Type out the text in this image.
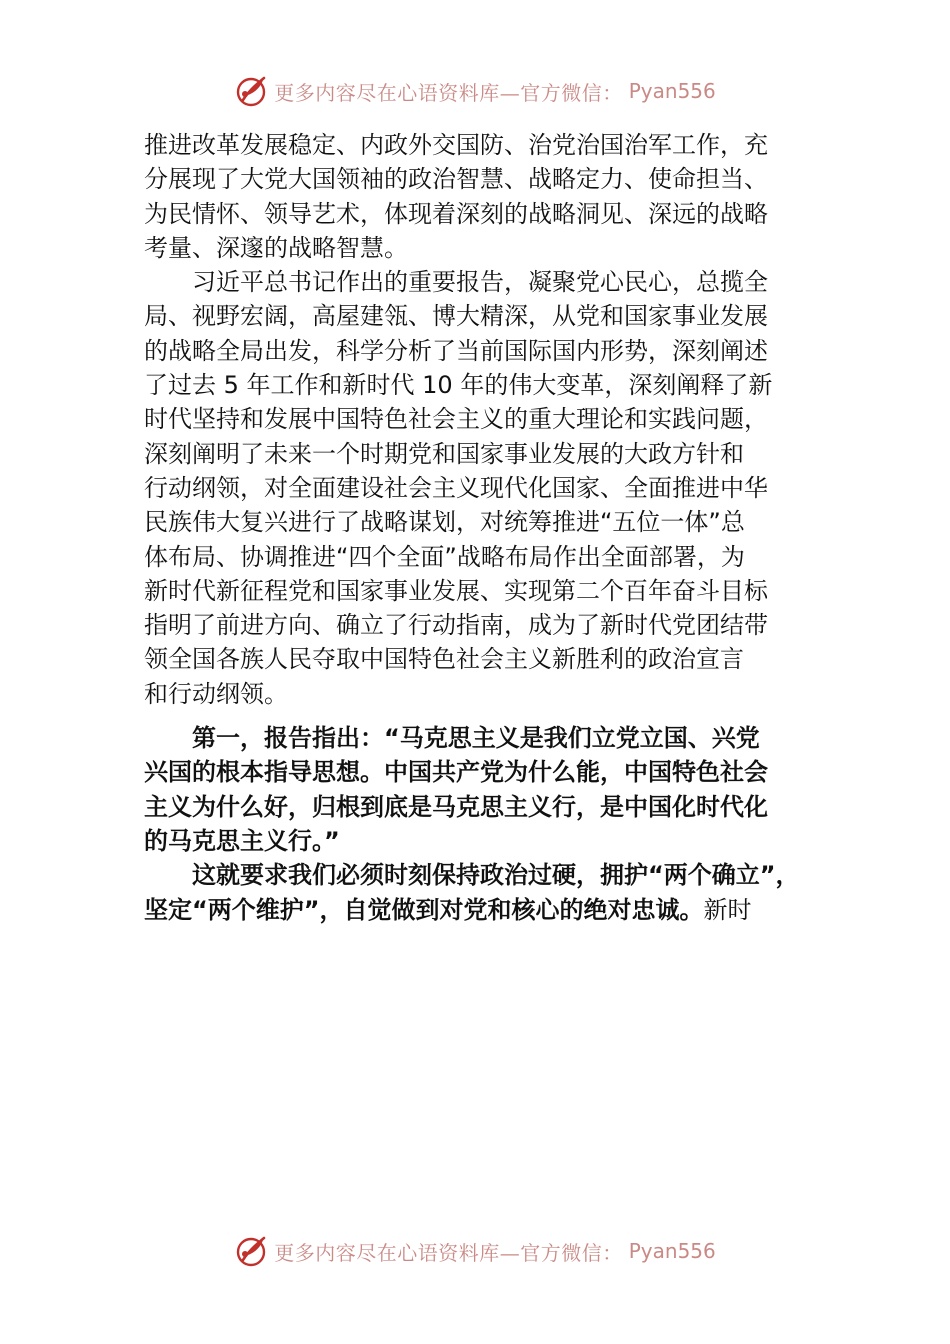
更多内容尽在心语资料库—官方微信： Pyan556
推进改革发展稳定、内政外交国防、治党治国治军工作，充
分展现了大党大国领袖的政治智慧、战略定力、使命担当、
为民情怀、领导艺术，体现着深刻的战略洞见、深远的战略
考量、深邃的战略智慧。
　　习近平总书记作出的重要报告，凝聚党心民心，总揽全
局、视野宏阔，高屋建瓴、博大精深，从党和国家事业发展
的战略全局出发，科学分析了当前国际国内形势，深刻阐述
了过去 5 年工作和新时代 10 年的伟大变革，深刻阐释了新
时代坚持和发展中国特色社会主义的重大理论和实践问题，
深刻阐明了未来一个时期党和国家事业发展的大政方针和
行动纲领，对全面建设社会主义现代化国家、全面推进中华
民族伟大复兴进行了战略谋划，对统筹推进“五位一体”总
体布局、协调推进“四个全面”战略布局作出全面部署，为
新时代新征程党和国家事业发展、实现第二个百年奋斗目标
指明了前进方向、确立了行动指南，成为了新时代党团结带
领全国各族人民夺取中国特色社会主义新胜利的政治宣言
和行动纲领。
　　第一，报告指出：“马克思主义是我们立党立国、兴党
兴国的根本指导思想。中国共产党为什么能，中国特色社会
主义为什么好，归根到底是马克思主义行，是中国化时代化
的马克思主义行。”
　　这就要求我们必须时刻保持政治过硬，拥护“两个确立”，
坚定“两个维护”，自觉做到对党和核心的绝对忠诚。新时
更多内容尽在心语资料库—官方微信： Pyan556
